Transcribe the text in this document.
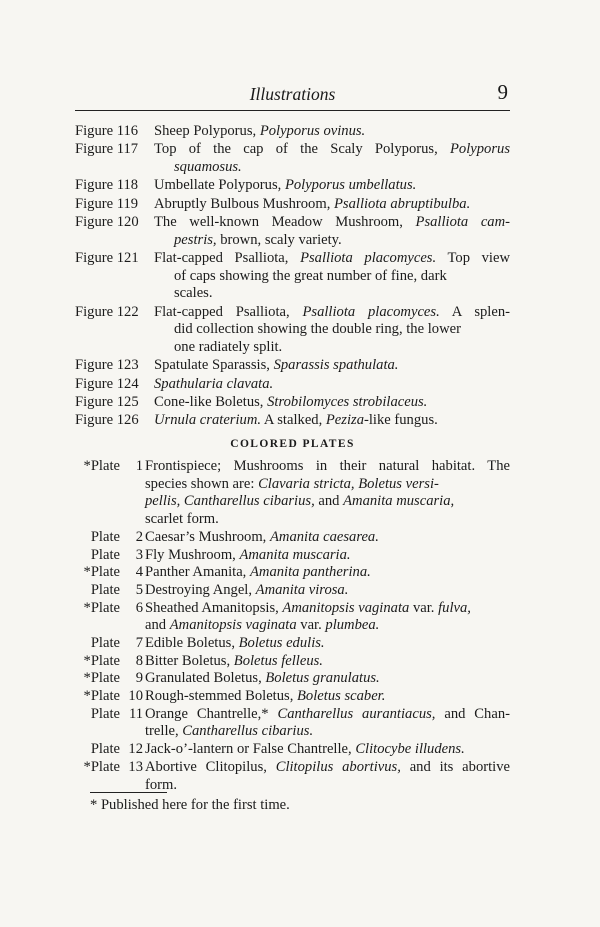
Illustrations	9
Figure 116 Sheep Polyporus, Polyporus ovinus.
Figure 117 Top of the cap of the Scaly Polyporus, Polyporus
squamosus.
Figure 118 Umbellate Polyporus, Polyporus umbellatus.
Figure 119 Abruptly Bulbous Mushroom, Psalliota abruptibulba.
Figure 120 The well-known Meadow Mushroom, Psalliota cam-
pestris, brown, scaly variety.
Figure 121 Flat-capped Psalliota, Psalliota placomyces. Top view
of caps showing the great number of fine, dark
scales.
Figure 122 Flat-capped Psalliota, Psalliota placomyces. A splen-
did collection showing the double ring, the lower
one radiately split.
Figure 123 Spatulate Sparassis, Sparassis spathulata.
Figure 124 Spathularia clavata.
Figure 125 Cone-like Boletus, Strobilomyces strobilaceus.
Figure 126 Urnula craterium. A stalked, Peziza-like fungus.
COLORED PLATES
*Plate 1 Frontispiece; Mushrooms in their natural habitat. The
species shown are: Clavaria stricta, Boletus versi-
pellis, Cantharellus cibarius, and Amanita muscaria,
scarlet form.
Plate 2 Caesar’s Mushroom, Amanita caesarea.
Plate 3 Fly Mushroom, Amanita muscaria.
*Plate 4 Panther Amanita, Amanita pantherina.
Plate 5 Destroying Angel, Amanita virosa.
*Plate 6 Sheathed Amanitopsis, Amanitopsis vaginata var. fulva,
and Amanitopsis vaginata var. plumbea.
Plate 7 Edible Boletus, Boletus edulis.
*Plate 8 Bitter Boletus, Boletus felleus.
*Plate 9 Granulated Boletus, Boletus granulatus.
*Plate 10 Rough-stemmed Boletus, Boletus scaber.
Plate 11 Orange Chantrelle,* Cantharellus aurantiacus, and Chan-
trelle, Cantharellus cibarius.
Plate 12 Jack-o’-lantern or False Chantrelle, Clitocybe illudens.
*Plate 13 Abortive Clitopilus, Clitopilus abortivus, and its abortive
form.
* Published here for the first time.
